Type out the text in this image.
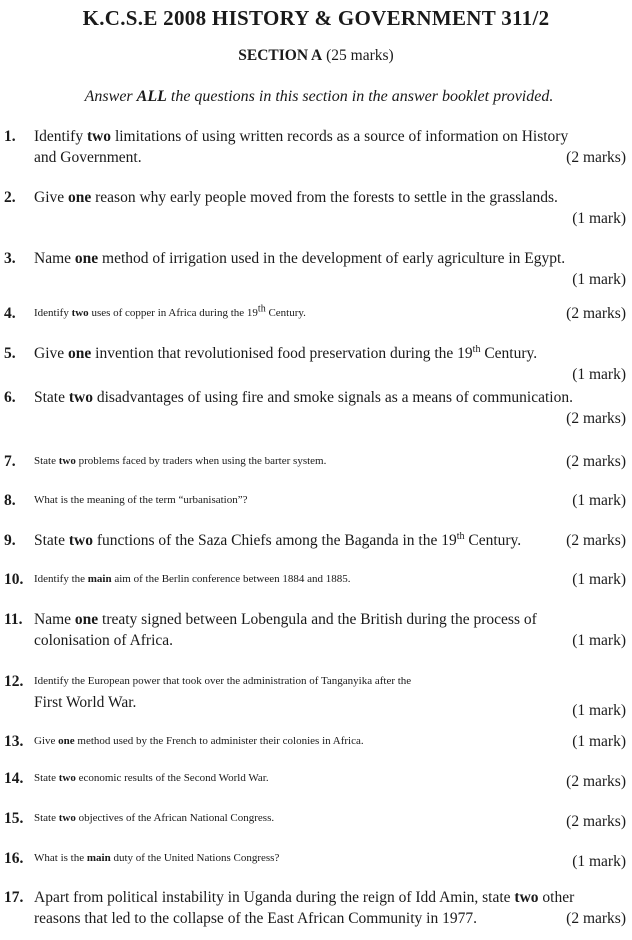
K.C.S.E 2008 HISTORY & GOVERNMENT 311/2
SECTION A (25 marks)
Answer ALL the questions in this section in the answer booklet provided.
1.	Identify two limitations of using written records as a source of information on History
and Government.	(2 marks)
2.	Give one reason why early people moved from the forests to settle in the grasslands.
(1 mark)
3.	Name one method of irrigation used in the development of early agriculture in Egypt.
(1 mark)
4.	Identify two uses of copper in Africa during the 19th Century.	(2 marks)
5.	Give one invention that revolutionised food preservation during the 19th Century.
(1 mark)
6.	State two disadvantages of using fire and smoke signals as a means of communication.
(2 marks)
7.	State two problems faced by traders when using the barter system.	(2 marks)
8.	What is the meaning of the term “urbanisation”?	(1 mark)
9.	State two functions of the Saza Chiefs among the Baganda in the 19th Century.	(2 marks)
10. Identify the main aim of the Berlin conference between 1884 and 1885.	(1 mark)
11. Name one treaty signed between Lobengula and the British during the process of
colonisation of Africa.	(1 mark)
12. Identify the European power that took over the administration of Tanganyika after the
First World War.	(1 mark)
13. Give one method used by the French to administer their colonies in Africa.	(1 mark)
14. State two economic results of the Second World War.	(2 marks)
15. State two objectives of the African National Congress.	(2 marks)
16. What is the main duty of the United Nations Congress?	(1 mark)
17. Apart from political instability in Uganda during the reign of Idd Amin, state two other
reasons that led to the collapse of the East African Community in 1977.	(2 marks)
